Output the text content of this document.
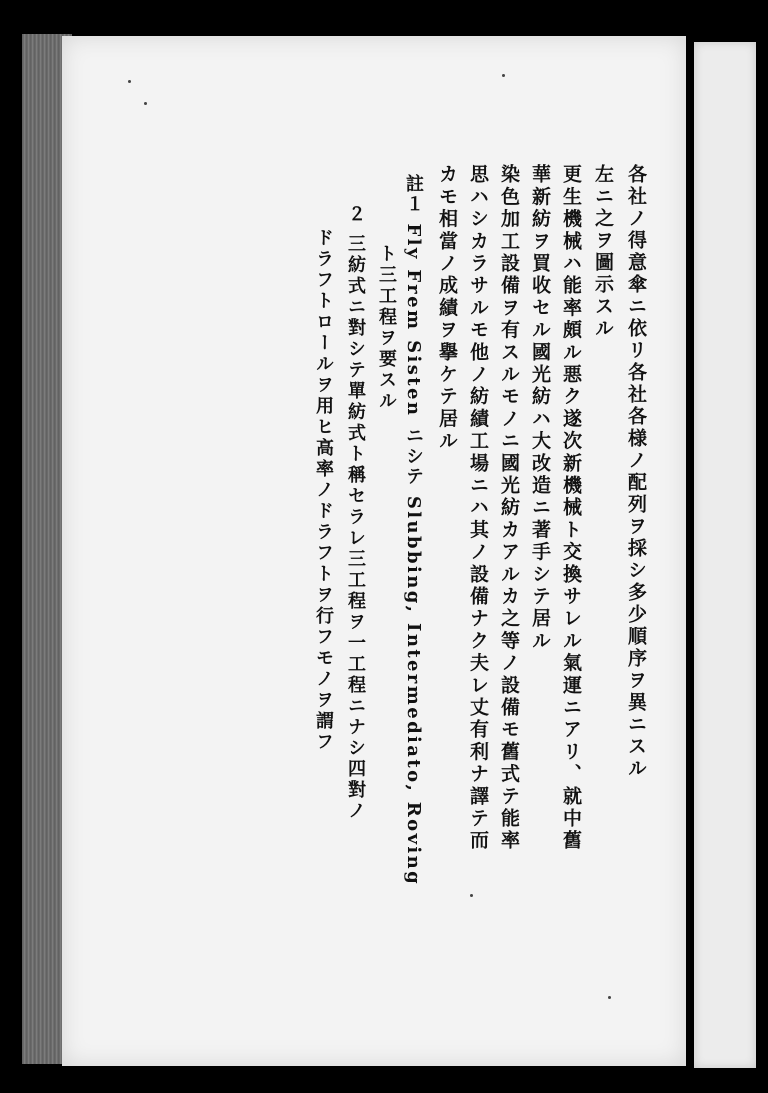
各社ノ得意傘ニ依リ各社各様ノ配列ヲ採シ多少順序ヲ異ニスル
左ニ之ヲ圖示スル
更生機械ハ能率頗ル悪ク遂次新機械ト交換サレル氣運ニアリ、就中舊
華新紡ヲ買收セル國光紡ハ大改造ニ著手シテ居ル
染色加工設備ヲ有スルモノニ國光紡カアルカ之等ノ設備モ舊式テ能率
思ハシカラサルモ他ノ紡績工場ニハ其ノ設備ナク夫レ丈有利ナ譯テ而
カモ相當ノ成績ヲ擧ケテ居ル
註１ Fly Frem Sisten ニシテ Slubbing, Intermediato, Roving
ト三工程ヲ要スル
２ 三紡式ニ對シテ單紡式ト稱セラレ三工程ヲ一工程ニナシ四對ノ
ドラフトロールヲ用ヒ高率ノドラフトヲ行フモノヲ謂フ
